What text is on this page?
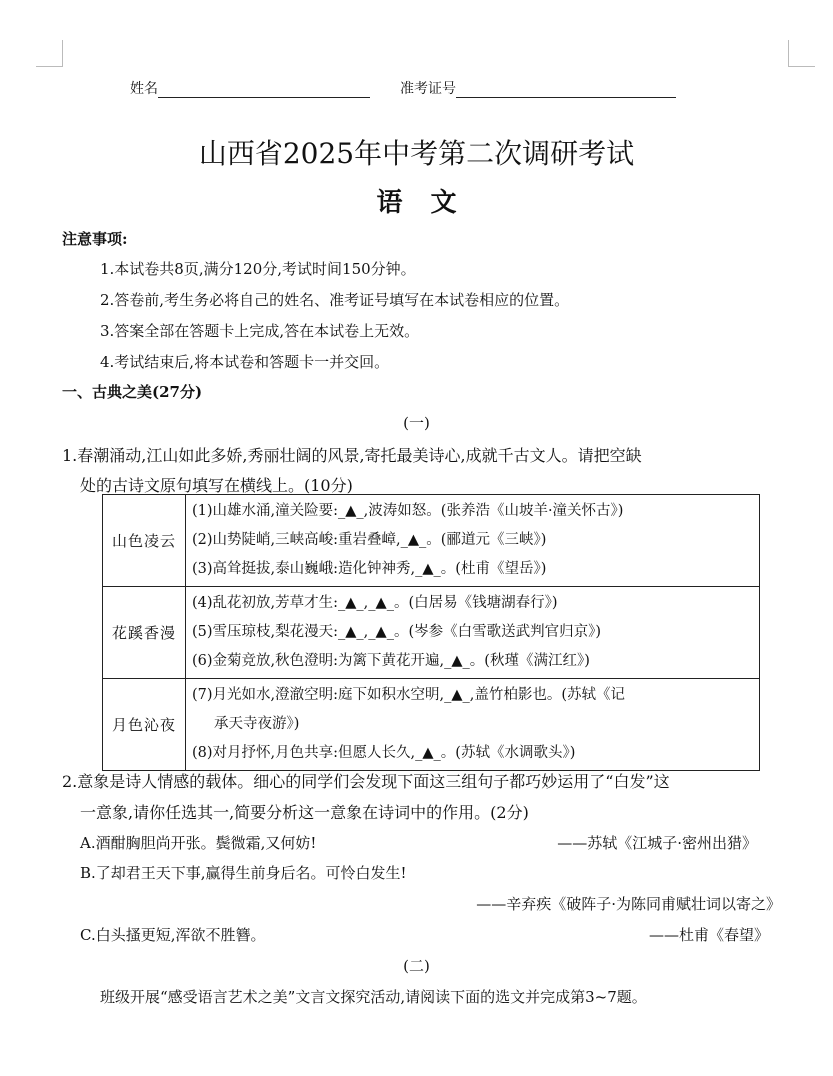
姓名	准考证号
山西省2025年中考第二次调研考试
语文
注意事项:
1.本试卷共8页,满分120分,考试时间150分钟。
2.答卷前,考生务必将自己的姓名、准考证号填写在本试卷相应的位置。
3.答案全部在答题卡上完成,答在本试卷上无效。
4.考试结束后,将本试卷和答题卡一并交回。
一、古典之美(27分)
(一)
1.春潮涌动,江山如此多娇,秀丽壮阔的风景,寄托最美诗心,成就千古文人。请把空缺
处的古诗文原句填写在横线上。(10分)
山色凌云	(1)山雄水涌,潼关险要:_▲_,波涛如怒。(张养浩《山坡羊·潼关怀古》)
(2)山势陡峭,三峡高峻:重岩叠嶂,_▲_。(郦道元《三峡》)
(3)高耸挺拔,泰山巍峨:造化钟神秀,_▲_。(杜甫《望岳》)

花蹊香漫	(4)乱花初放,芳草才生:_▲_,_▲_。(白居易《钱塘湖春行》)
(5)雪压琼枝,梨花漫天:_▲_,_▲_。(岑参《白雪歌送武判官归京》)
(6)金菊竞放,秋色澄明:为篱下黄花开遍,_▲_。(秋瑾《满江红》)

月色沁夜	(7)月光如水,澄澈空明:庭下如积水空明,_▲_,盖竹柏影也。(苏轼《记
承天寺夜游》)
(8)对月抒怀,月色共享:但愿人长久,_▲_。(苏轼《水调歌头》)
2.意象是诗人情感的载体。细心的同学们会发现下面这三组句子都巧妙运用了“白发”这
一意象,请你任选其一,简要分析这一意象在诗词中的作用。(2分)
A.酒酣胸胆尚开张。鬓微霜,又何妨!	——苏轼《江城子·密州出猎》
B.了却君王天下事,赢得生前身后名。可怜白发生!
——辛弃疾《破阵子·为陈同甫赋壮词以寄之》
C.白头搔更短,浑欲不胜簪。	——杜甫《春望》
(二)
班级开展“感受语言艺术之美”文言文探究活动,请阅读下面的选文并完成第3~7题。
